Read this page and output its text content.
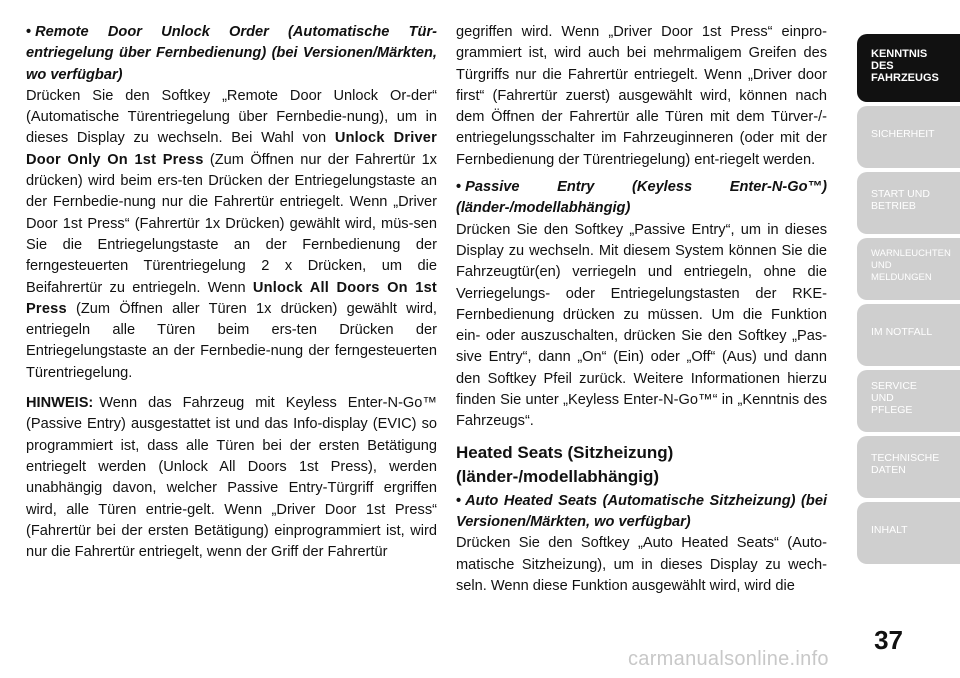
• Remote Door Unlock Order (Automatische Tür-entriegelung über Fernbedienung) (bei Versionen/Märkten, wo verfügbar)

Drücken Sie den Softkey „Remote Door Unlock Or-der“ (Automatische Türentriegelung über Fernbedie-nung), um in dieses Display zu wechseln. Bei Wahl von Unlock Driver Door Only On 1st Press (Zum Öffnen nur der Fahrertür 1x drücken) wird beim ers-ten Drücken der Entriegelungstaste an der Fernbedie-nung nur die Fahrertür entriegelt. Wenn „Driver Door 1st Press“ (Fahrertür 1x Drücken) gewählt wird, müs-sen Sie die Entriegelungstaste an der Fernbedienung der ferngesteuerten Türentriegelung 2 x Drücken, um die Beifahrertür zu entriegeln. Wenn Unlock All Doors On 1st Press (Zum Öffnen aller Türen 1x drücken) gewählt wird, entriegeln alle Türen beim ers-ten Drücken der Entriegelungstaste an der Fernbedie-nung der ferngesteuerten Türentriegelung.

HINWEIS: Wenn das Fahrzeug mit Keyless Enter-N-Go™ (Passive Entry) ausgestattet ist und das Info-display (EVIC) so programmiert ist, dass alle Türen bei der ersten Betätigung entriegelt werden (Unlock All Doors 1st Press), werden unabhängig davon, welcher Passive Entry-Türgriff ergriffen wird, alle Türen entrie-gelt. Wenn „Driver Door 1st Press“ (Fahrertür bei der ersten Betätigung) einprogrammiert ist, wird nur die Fahrertür entriegelt, wenn der Griff der Fahrertür

gegriffen wird. Wenn „Driver Door 1st Press“ einpro-grammiert ist, wird auch bei mehrmaligem Greifen des Türgriffs nur die Fahrertür entriegelt. Wenn „Driver door first“ (Fahrertür zuerst) ausgewählt wird, können nach dem Öffnen der Fahrertür alle Türen mit dem Türver-/-entriegelungsschalter im Fahrzeuginneren (oder mit der Fernbedienung der Türentriegelung) ent-riegelt werden.

• Passive Entry (Keyless Enter-N-Go™) (länder-/modellabhängig)

Drücken Sie den Softkey „Passive Entry“, um in dieses Display zu wechseln. Mit diesem System können Sie die Fahrzeugtür(en) verriegeln und entriegeln, ohne die Verriegelungs- oder Entriegelungstasten der RKE-Fernbedienung drücken zu müssen. Um die Funktion ein- oder auszuschalten, drücken Sie den Softkey „Pas-sive Entry“, dann „On“ (Ein) oder „Off“ (Aus) und dann den Softkey Pfeil zurück. Weitere Informationen hierzu finden Sie unter „Keyless Enter-N-Go™“ in „Kenntnis des Fahrzeugs“.

Heated Seats (Sitzheizung) (länder-/modellabhängig)

• Auto Heated Seats (Automatische Sitzheizung) (bei Versionen/Märkten, wo verfügbar)

Drücken Sie den Softkey „Auto Heated Seats“ (Auto-matische Sitzheizung), um in dieses Display zu wech-seln. Wenn diese Funktion ausgewählt wird, wird die

KENNTNIS
DES
FAHRZEUGS
SICHERHEIT
START UND
BETRIEB
WARNLEUCHTEN
UND
MELDUNGEN
IM NOTFALL
SERVICE
UND
PFLEGE
TECHNISCHE
DATEN
INHALT
37
carmanualsonline.info
